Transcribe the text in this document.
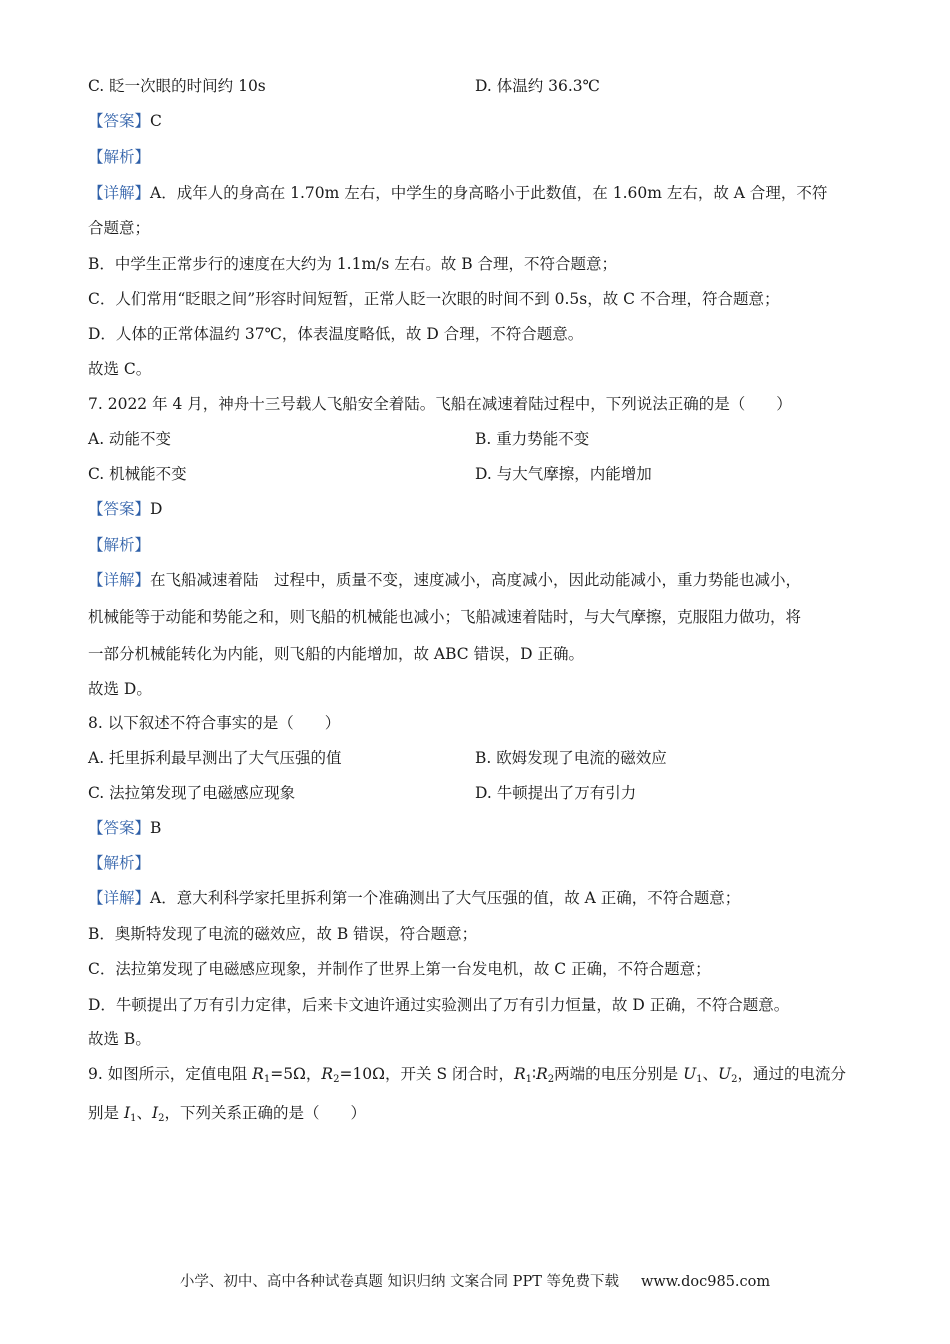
C. 眨一次眼的时间约 10s	D. 体温约 36.3℃
【答案】C
【解析】
【详解】A．成年人的身高在 1.70m 左右，中学生的身高略小于此数值，在 1.60m 左右，故 A 合理，不符
合题意；
B．中学生正常步行的速度在大约为 1.1m/s 左右。故 B 合理，不符合题意；
C．人们常用“眨眼之间”形容时间短暂，正常人眨一次眼的时间不到 0.5s，故 C 不合理，符合题意；
D．人体的正常体温约 37℃，体表温度略低，故 D 合理，不符合题意。
故选 C。
7. 2022 年 4 月，神舟十三号载人飞船安全着陆。飞船在减速着陆过程中，下列说法正确的是（　　）
A. 动能不变	B. 重力势能不变
C. 机械能不变	D. 与大气摩擦，内能增加
【答案】D
【解析】
【详解】在飞船减速着陆　过程中，质量不变，速度减小，高度减小，因此动能减小，重力势能也减小，
机械能等于动能和势能之和，则飞船的机械能也减小；飞船减速着陆时，与大气摩擦，克服阻力做功，将
一部分机械能转化为内能，则飞船的内能增加，故 ABC 错误，D 正确。
故选 D。
8. 以下叙述不符合事实的是（　　）
A. 托里拆利最早测出了大气压强的值	B. 欧姆发现了电流的磁效应
C. 法拉第发现了电磁感应现象	D. 牛顿提出了万有引力
【答案】B
【解析】
【详解】A．意大利科学家托里拆利第一个准确测出了大气压强的值，故 A 正确，不符合题意；
B．奥斯特发现了电流的磁效应，故 B 错误，符合题意；
C．法拉第发现了电磁感应现象，并制作了世界上第一台发电机，故 C 正确，不符合题意；
D．牛顿提出了万有引力定律，后来卡文迪许通过实验测出了万有引力恒量，故 D 正确，不符合题意。
故选 B。
9. 如图所示，定值电阻 $R_1=5\Omega$，$R_2=10\Omega$，开关 S 闭合时，$R_1∶R_2$两端的电压分别是 $U_1$、$U_2$，通过的电流分
别是 $I_1$、$I_2$，下列关系正确的是（　　）
小学、初中、高中各种试卷真题 知识归纳 文案合同 PPT 等免费下载 www.doc985.com
